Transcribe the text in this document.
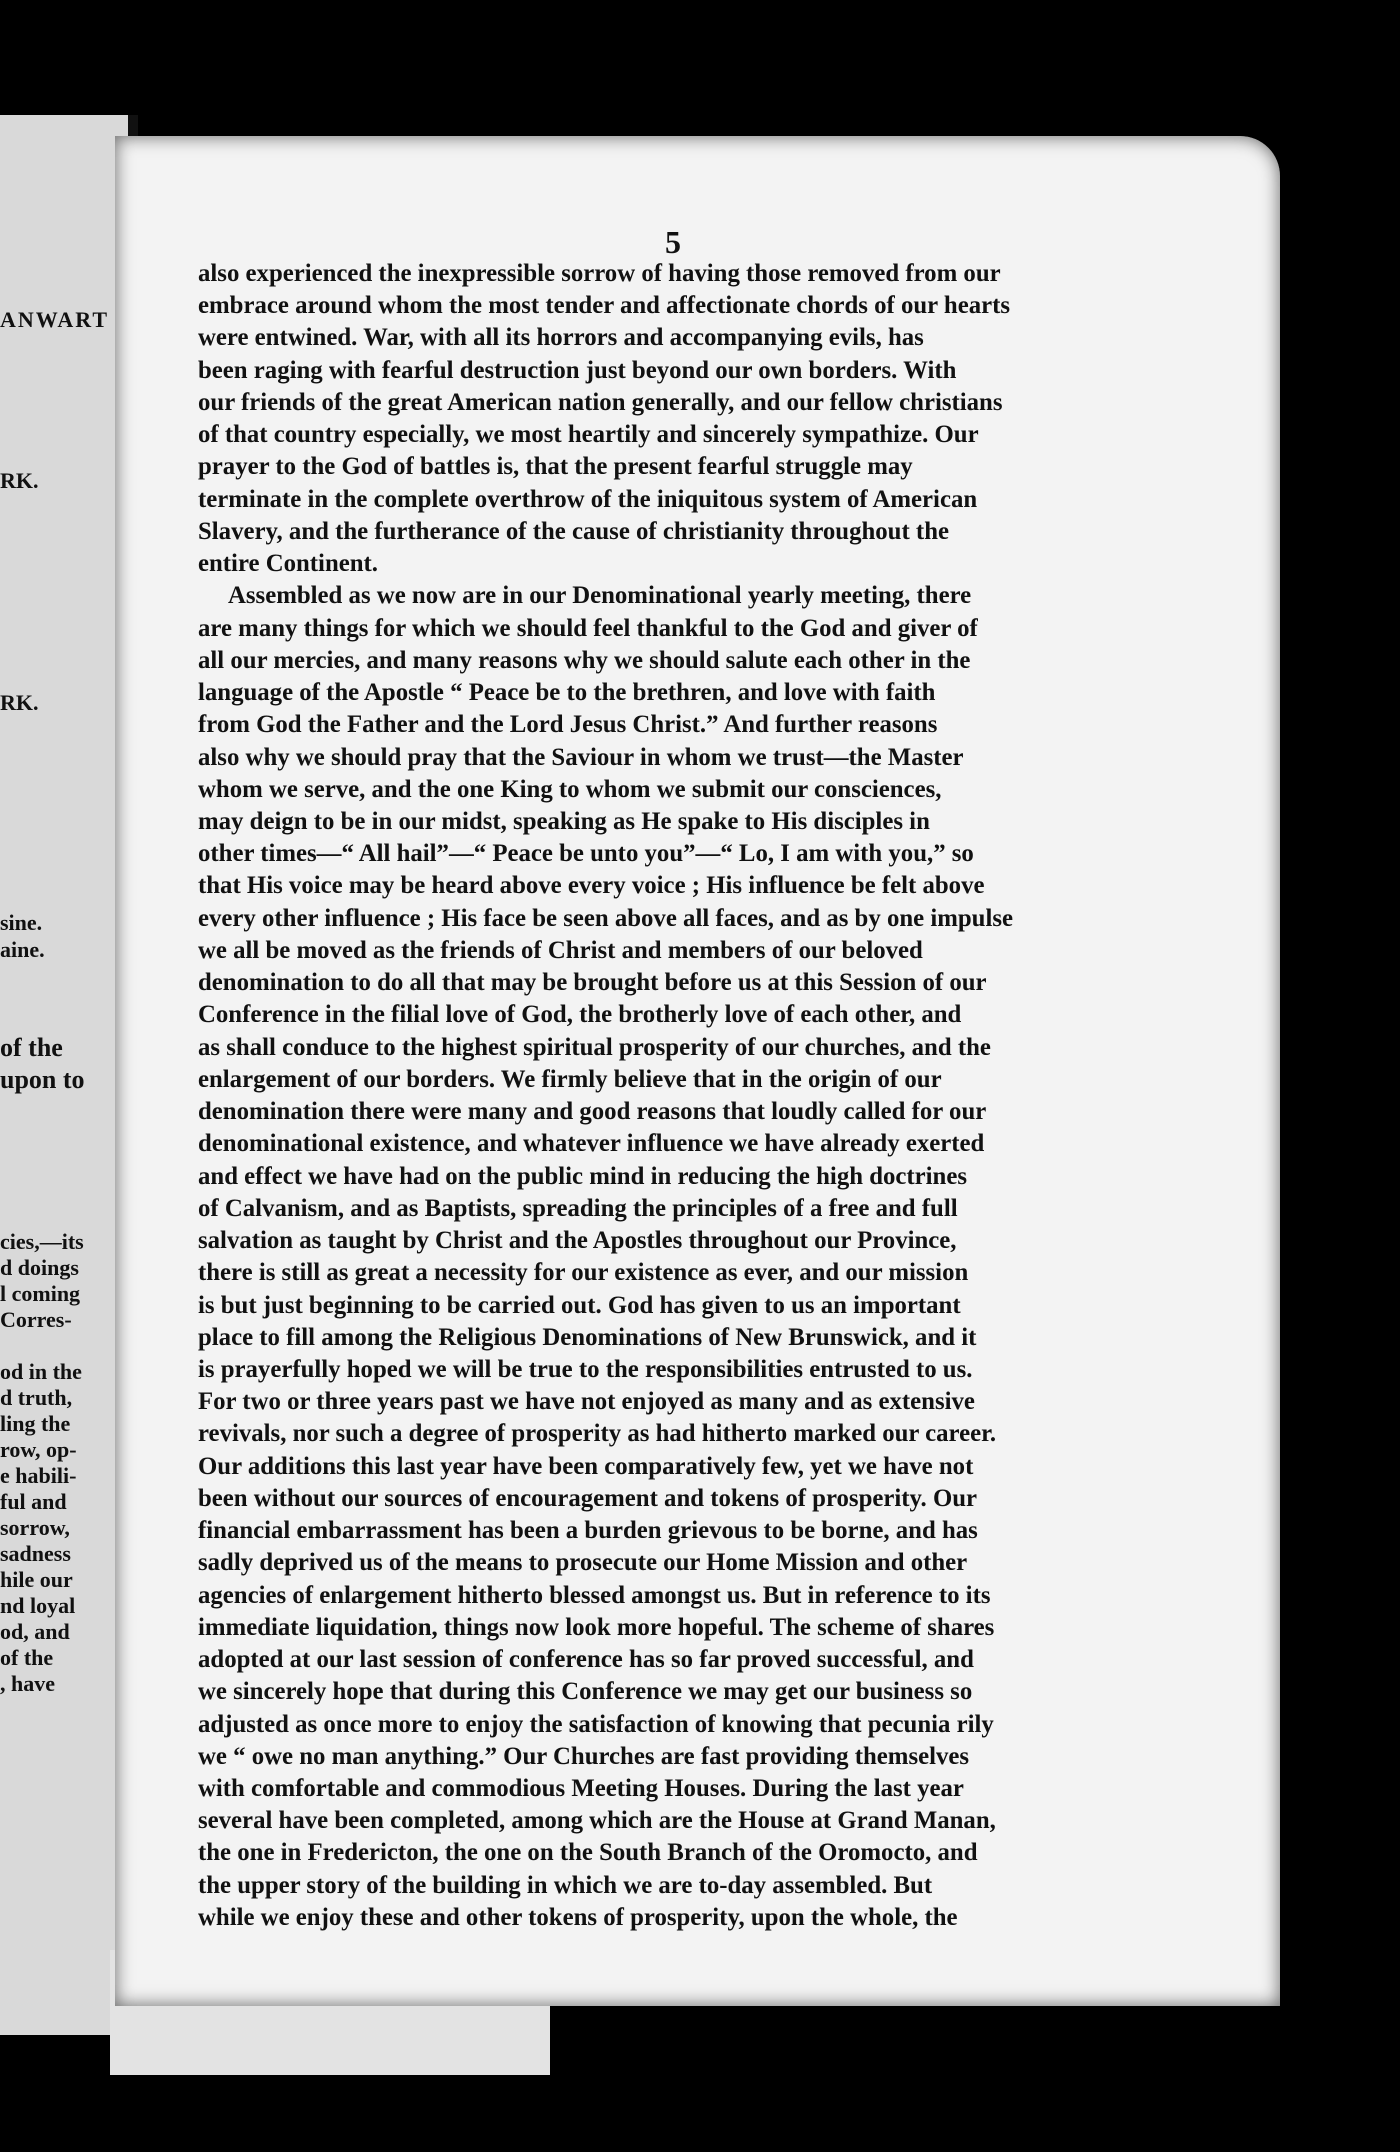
ANWART
RK.
RK.
sine.
aine.
of the
upon to
cies,—its
d doings
l coming
Corres-
od in the
d truth,
ling the
row, op-
e habili-
ful and
sorrow,
sadness
hile our
nd loyal
od, and
of the
, have
5
also experienced the inexpressible sorrow of having those removed from our
embrace around whom the most tender and affectionate chords of our hearts
were entwined. War, with all its horrors and accompanying evils, has
been raging with fearful destruction just beyond our own borders. With
our friends of the great American nation generally, and our fellow christians
of that country especially, we most heartily and sincerely sympathize. Our
prayer to the God of battles is, that the present fearful struggle may
terminate in the complete overthrow of the iniquitous system of American
Slavery, and the furtherance of the cause of christianity throughout the
entire Continent.
Assembled as we now are in our Denominational yearly meeting, there
are many things for which we should feel thankful to the God and giver of
all our mercies, and many reasons why we should salute each other in the
language of the Apostle “ Peace be to the brethren, and love with faith
from God the Father and the Lord Jesus Christ.” And further reasons
also why we should pray that the Saviour in whom we trust—the Master
whom we serve, and the one King to whom we submit our consciences,
may deign to be in our midst, speaking as He spake to His disciples in
other times—“ All hail”—“ Peace be unto you”—“ Lo, I am with you,” so
that His voice may be heard above every voice ; His influence be felt above
every other influence ; His face be seen above all faces, and as by one impulse
we all be moved as the friends of Christ and members of our beloved
denomination to do all that may be brought before us at this Session of our
Conference in the filial love of God, the brotherly love of each other, and
as shall conduce to the highest spiritual prosperity of our churches, and the
enlargement of our borders. We firmly believe that in the origin of our
denomination there were many and good reasons that loudly called for our
denominational existence, and whatever influence we have already exerted
and effect we have had on the public mind in reducing the high doctrines
of Calvanism, and as Baptists, spreading the principles of a free and full
salvation as taught by Christ and the Apostles throughout our Province,
there is still as great a necessity for our existence as ever, and our mission
is but just beginning to be carried out. God has given to us an important
place to fill among the Religious Denominations of New Brunswick, and it
is prayerfully hoped we will be true to the responsibilities entrusted to us.
For two or three years past we have not enjoyed as many and as extensive
revivals, nor such a degree of prosperity as had hitherto marked our career.
Our additions this last year have been comparatively few, yet we have not
been without our sources of encouragement and tokens of prosperity. Our
financial embarrassment has been a burden grievous to be borne, and has
sadly deprived us of the means to prosecute our Home Mission and other
agencies of enlargement hitherto blessed amongst us. But in reference to its
immediate liquidation, things now look more hopeful. The scheme of shares
adopted at our last session of conference has so far proved successful, and
we sincerely hope that during this Conference we may get our business so
adjusted as once more to enjoy the satisfaction of knowing that pecunia rily
we “ owe no man anything.” Our Churches are fast providing themselves
with comfortable and commodious Meeting Houses. During the last year
several have been completed, among which are the House at Grand Manan,
the one in Fredericton, the one on the South Branch of the Oromocto, and
the upper story of the building in which we are to-day assembled. But
while we enjoy these and other tokens of prosperity, upon the whole, the
